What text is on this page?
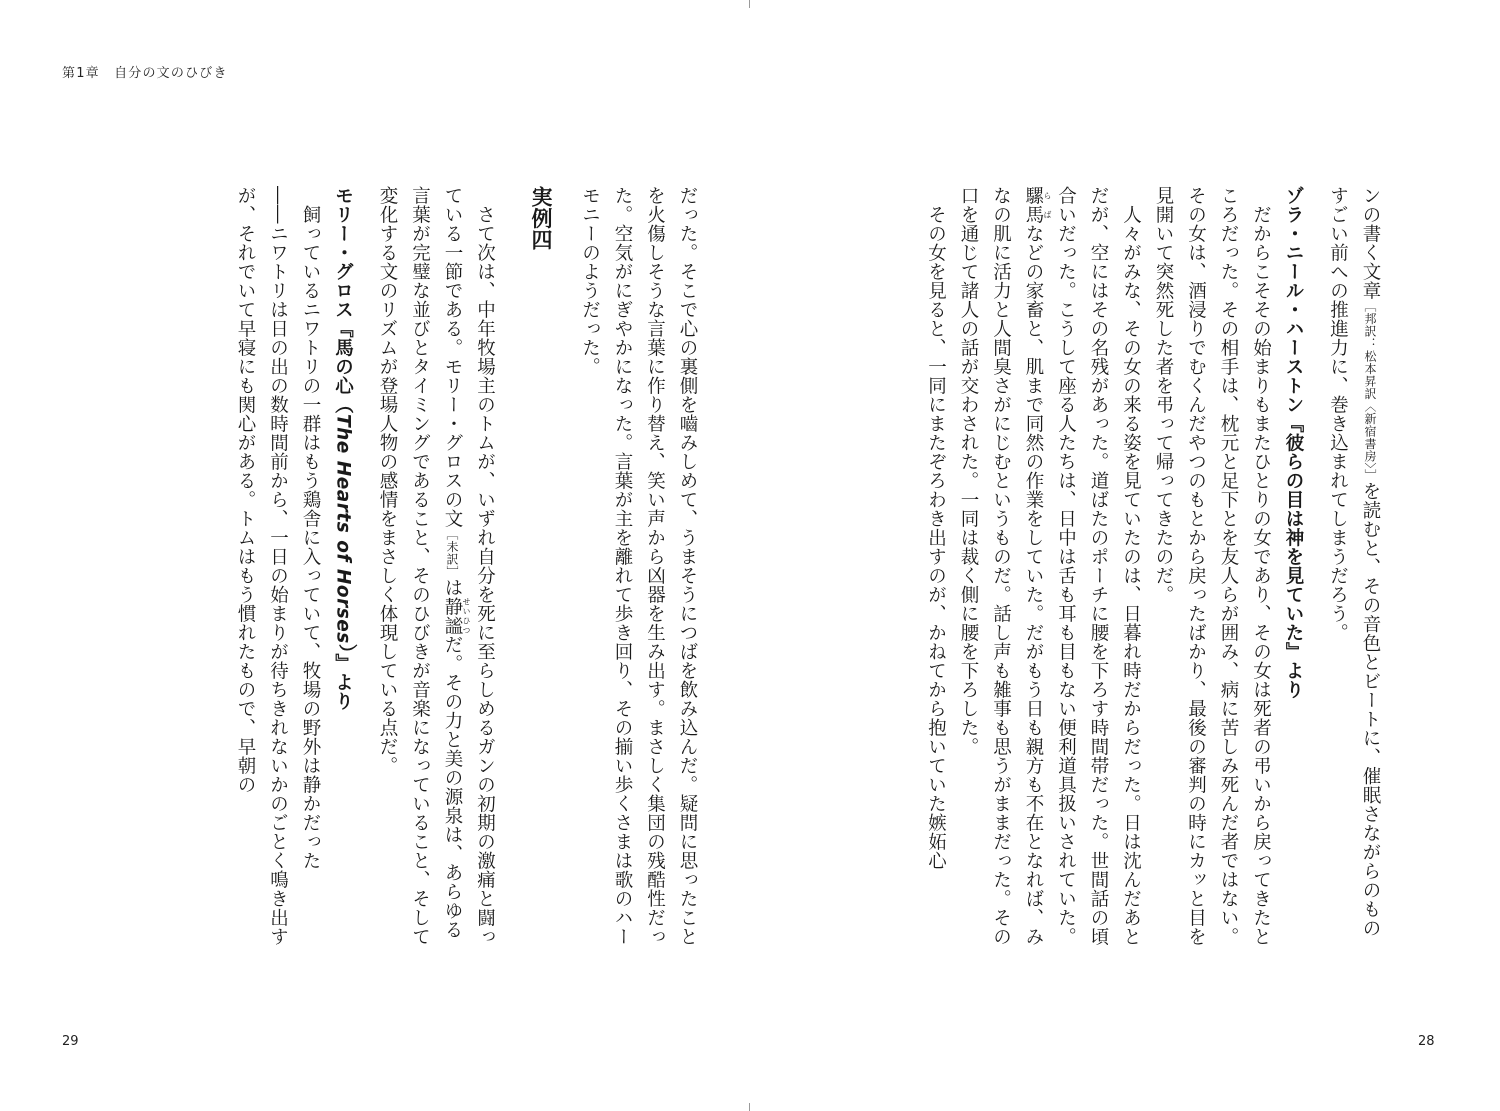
第1章　自分の文のひびき

だった。そこで心の裏側を嚙みしめて、うまそうにつばを飲み込んだ。疑問に思ったことを火傷しそうな言葉に作り替え、笑い声から凶器を生み出す。まさしく集団の残酷性だった。空気がにぎやかになった。言葉が主を離れて歩き回り、その揃い歩くさまは歌のハーモニーのようだった。

実例四

さて次は、中年牧場主のトムが、いずれ自分を死に至らしめるガンの初期の激痛と闘っている一節である。モリー・グロスの文［未訳］は静謐 せいひつだ。その力と美の源泉は、あらゆる言葉が完璧な並びとタイミングであること、そのひびきが音楽になっていること、そして変化する文のリズムが登場人物の感情をまさしく体現している点だ。

モリー・グロス『馬の心（The Hearts of Horses）』より

飼っているニワトリの一群はもう鶏舎に入っていて、牧場の野外は静かだった

――ニワトリは日の出の数時間前から、一日の始まりが待ちきれないかのごとく鳴き出すが、それでいて早寝にも関心がある。トムはもう慣れたもので、早朝の

29

ンの書く文章［邦訳：松本昇訳〈新宿書房〉］を読むと、その音色とビートに、催眠さながらのものすごい前への推進力に、巻き込まれてしまうだろう。

ゾラ・ニール・ハーストン『彼らの目は神を見ていた』より

だからこそその始まりもまたひとりの女であり、その女は死者の弔いから戻ってきたところだった。その相手は、枕元と足下とを友人らが囲み、病に苦しみ死んだ者ではない。その女は、酒浸りでむくんだやつのもとから戻ったばかり、最後の審判の時にカッと目を見開いて突然死した者を弔って帰ってきたのだ。

人々がみな、その女の来る姿を見ていたのは、日暮れ時だからだった。日は沈んだあとだが、空にはその名残があった。道ばたのポーチに腰を下ろす時間帯だった。世間話の頃合いだった。こうして座る人たちは、日中は舌も耳も目もない便利道具扱いされていた。騾 ら馬 ばなどの家畜と、肌まで同然の作業をしていた。だがもう日も親方も不在となれば、みなの肌に活力と人間臭さがにじむというものだ。話し声も雑事も思うがままだった。その口を通じて諸人の話が交わされた。一同は裁く側に腰を下ろした。

その女を見ると、一同にまたぞろわき出すのが、かねてから抱いていた嫉妬心

28
